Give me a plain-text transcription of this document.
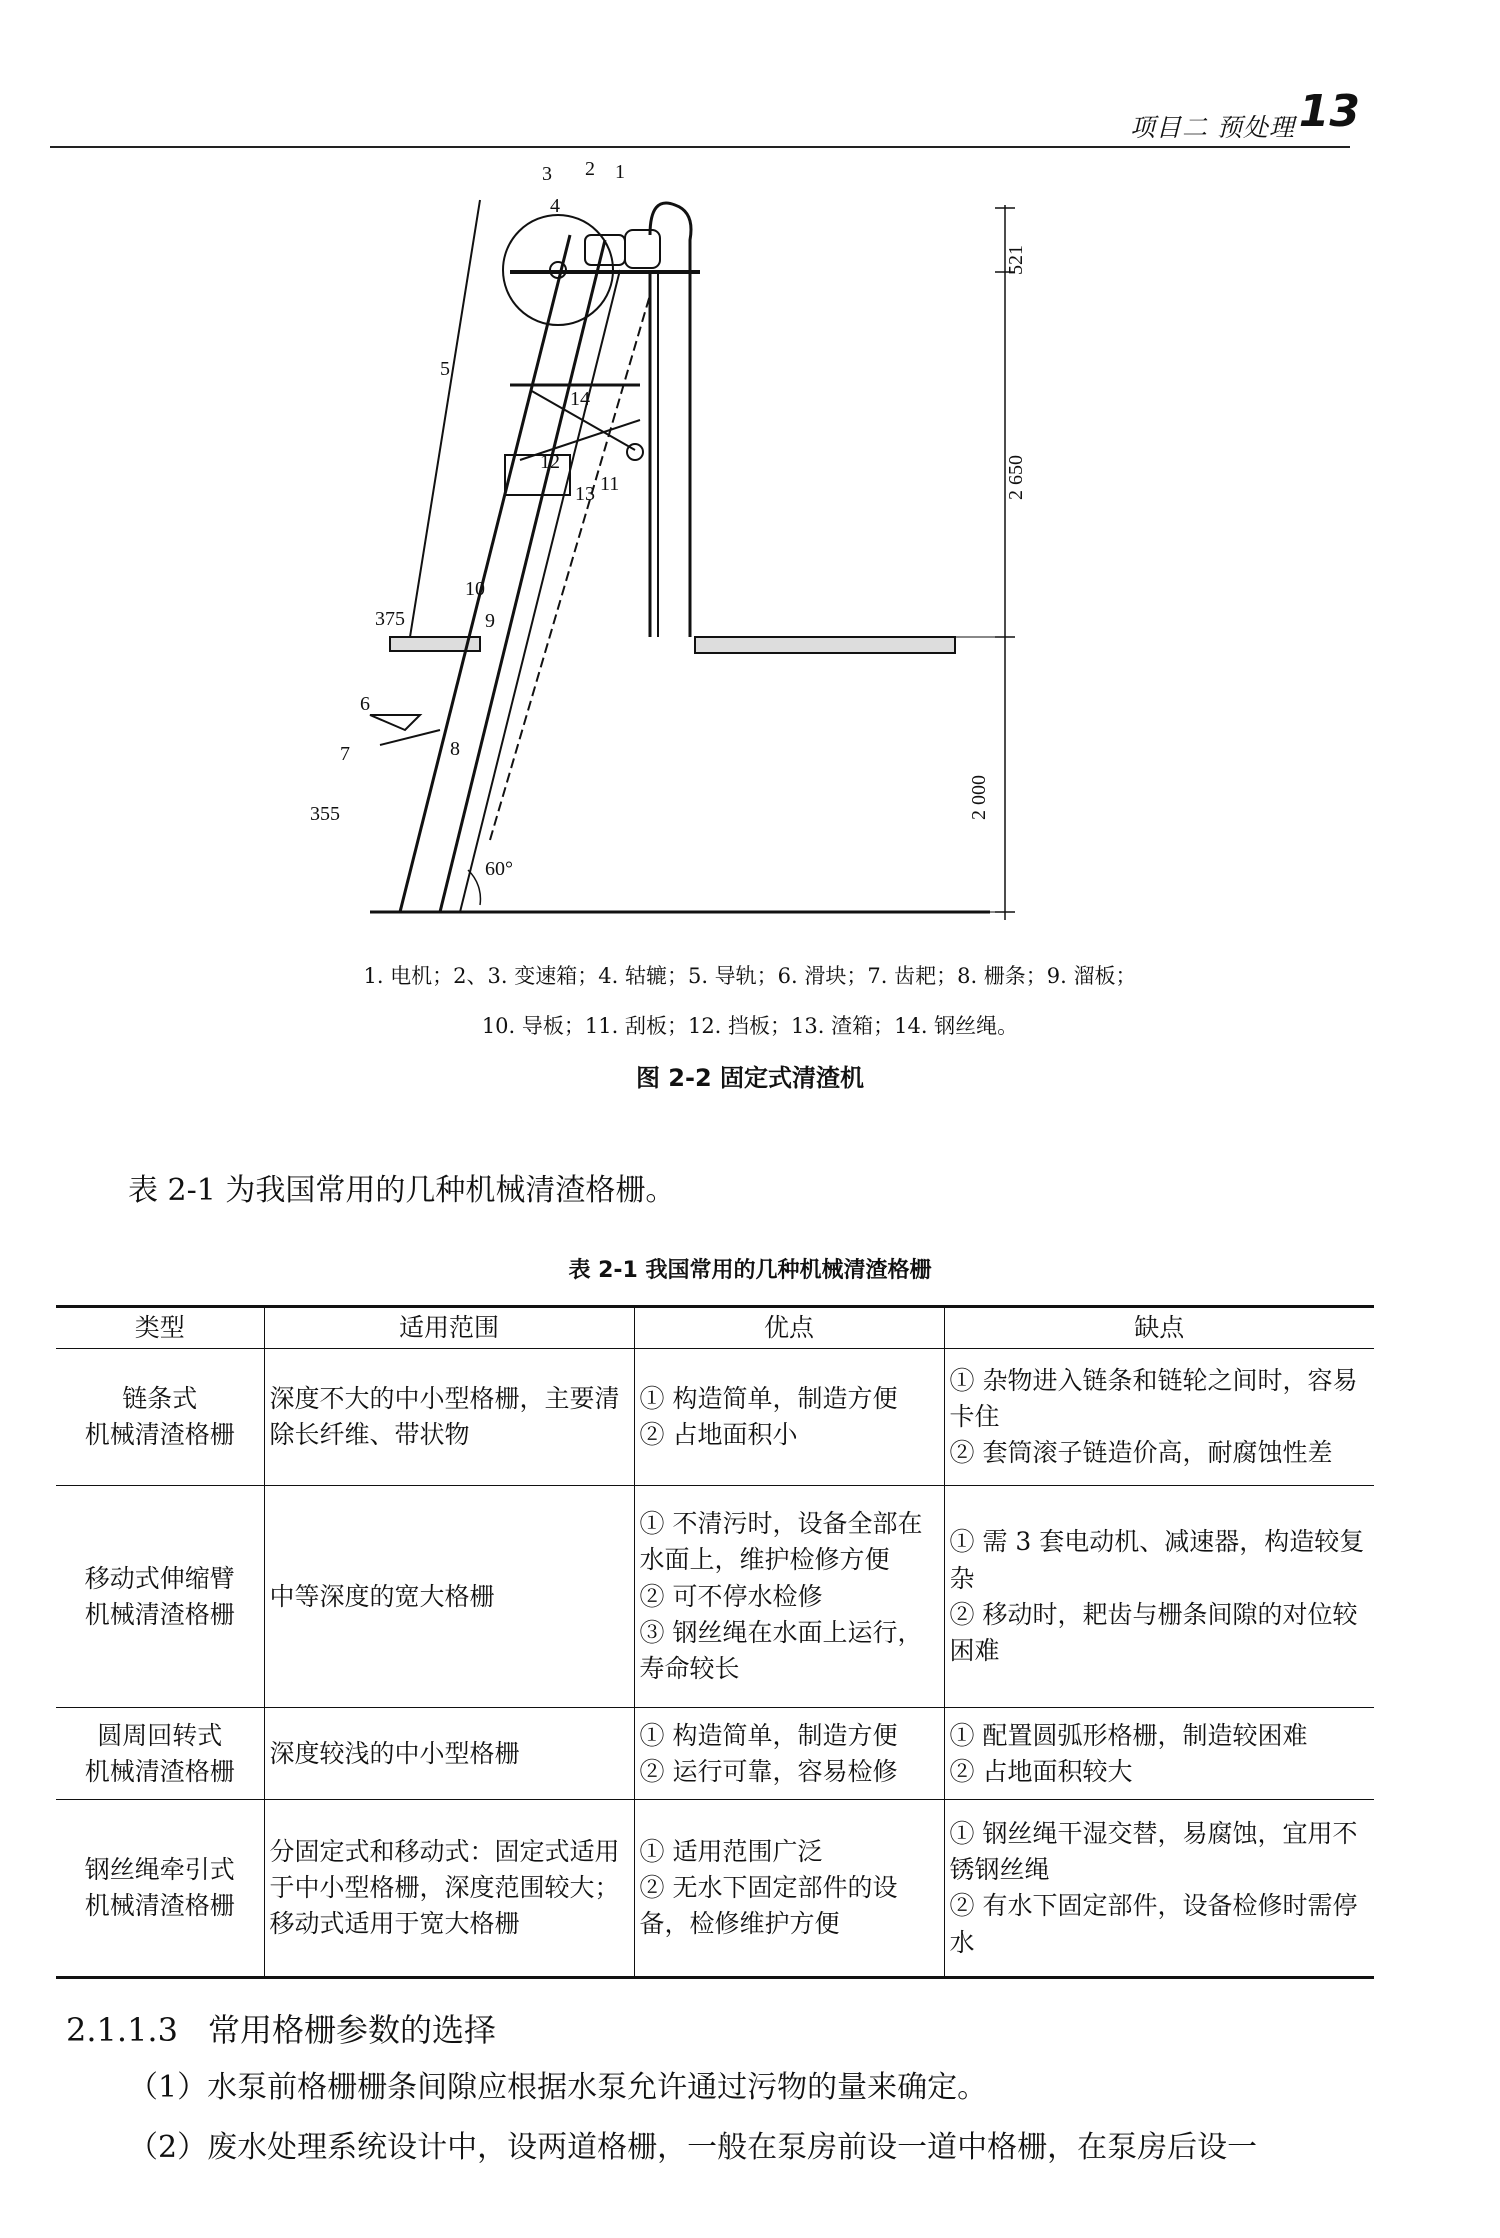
项目二 预处理 13
3 2 1
4
5
6
7	8
9
10
11
12
13
14
375
355
60°
521
2 650
2 000
1. 电机；2、3. 变速箱；4. 轱辘；5. 导轨；6. 滑块；7. 齿耙；8. 栅条；9. 溜板；
10. 导板；11. 刮板；12. 挡板；13. 渣箱；14. 钢丝绳。
图 2-2 固定式清渣机
表 2-1 为我国常用的几种机械清渣格栅。
表 2-1 我国常用的几种机械清渣格栅
类型	适用范围	优点	缺点

链条式
机械清渣格栅	深度不大的中小型格栅，主要清除长纤维、带状物	① 构造简单，制造方便
② 占地面积小	① 杂物进入链条和链轮之间时，容易卡住
② 套筒滚子链造价高，耐腐蚀性差

移动式伸缩臂
机械清渣格栅	中等深度的宽大格栅	① 不清污时，设备全部在水面上，维护检修方便
② 可不停水检修
③ 钢丝绳在水面上运行，寿命较长	① 需 3 套电动机、减速器，构造较复杂
② 移动时，耙齿与栅条间隙的对位较困难

圆周回转式
机械清渣格栅	深度较浅的中小型格栅	① 构造简单，制造方便
② 运行可靠，容易检修	① 配置圆弧形格栅，制造较困难
② 占地面积较大

钢丝绳牵引式
机械清渣格栅	分固定式和移动式：固定式适用于中小型格栅，深度范围较大；移动式适用于宽大格栅	① 适用范围广泛
② 无水下固定部件的设备，检修维护方便	① 钢丝绳干湿交替，易腐蚀，宜用不锈钢丝绳
② 有水下固定部件，设备检修时需停水
2.1.1.3 常用格栅参数的选择
（1）水泵前格栅栅条间隙应根据水泵允许通过污物的量来确定。
（2）废水处理系统设计中，设两道格栅，一般在泵房前设一道中格栅，在泵房后设一
